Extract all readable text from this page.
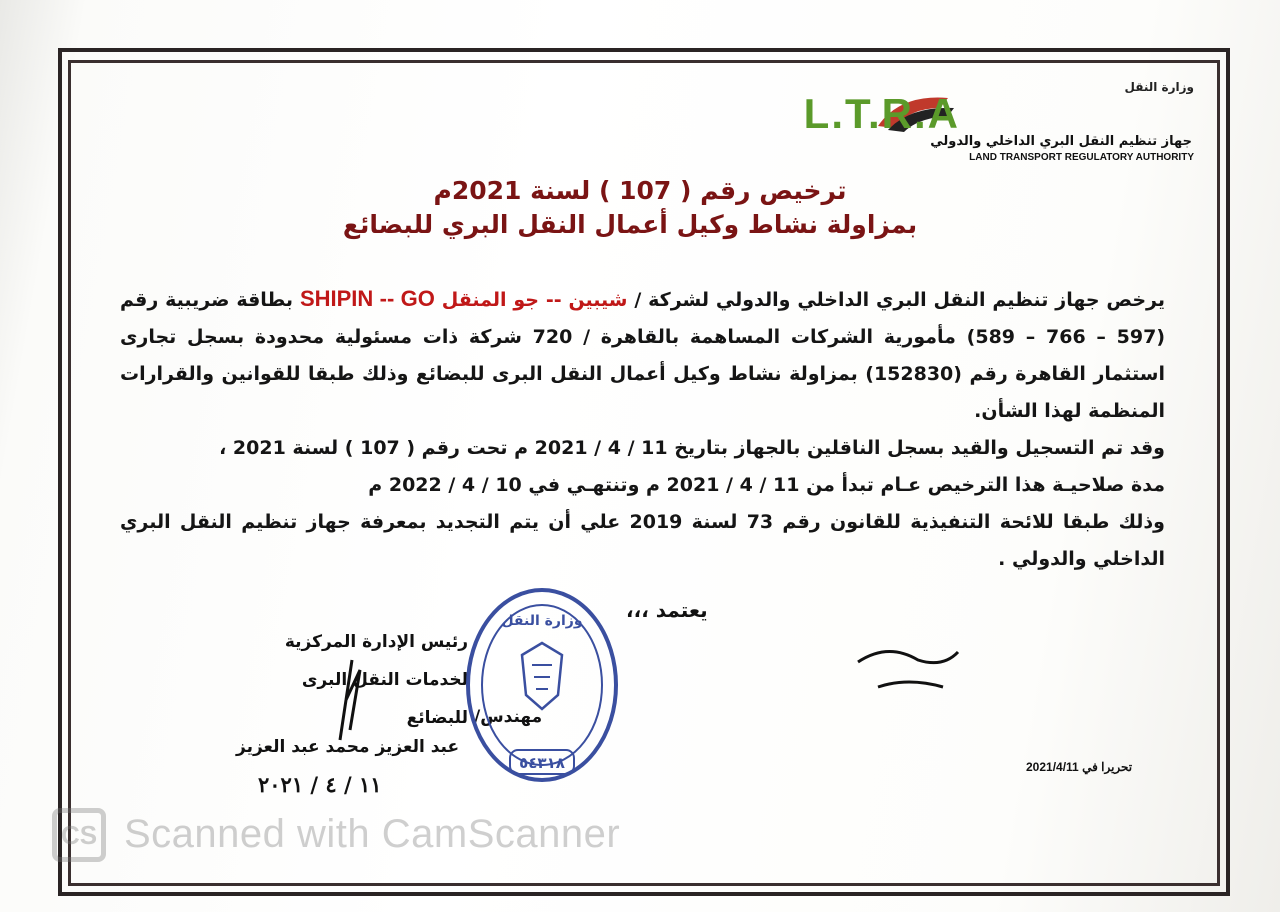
وزارة النقل
L.T.R.A
جهاز تنظيم النقل البري الداخلي والدولي
LAND TRANSPORT REGULATORY AUTHORITY
ترخيص رقم ( 107 ) لسنة 2021م
بمزاولة نشاط وكيل أعمال النقل البري للبضائع

يرخص جهاز تنظيم النقل البري الداخلي والدولي لشركة / شيبين -- جو المنقل SHIPIN -- GO بطاقة ضريبية رقم (597 – 766 – 589) مأمورية الشركات المساهمة بالقاهرة / 720 شركة ذات مسئولية محدودة بسجل تجارى استثمار القاهرة رقم (152830) بمزاولة نشاط وكيل أعمال النقل البرى للبضائع وذلك طبقا للقوانين والقرارات المنظمة لهذا الشأن.

وقد تم التسجيل والقيد بسجل الناقلين بالجهاز بتاريخ 11 / 4 / 2021 م تحت رقم ( 107 ) لسنة 2021 ،

مدة صلاحيـة هذا الترخيص عـام تبدأ من 11 / 4 / 2021 م وتنتهـي في 10 / 4 / 2022 م

وذلك طبقا للائحة التنفيذية للقانون رقم 73 لسنة 2019 علي أن يتم التجديد بمعرفة جهاز تنظيم النقل البري الداخلي والدولي .

يعتمد ،،،
رئيس الإدارة المركزية
لخدمات النقل البرى للبضائع مهندس/
عبد العزيز محمد عبد العزيز
١١ / ٤ / ٢٠٢١
وزارة النقل
٥٤٣١٨	تحريرا في 2021/4/11
CS Scanned with CamScanner
